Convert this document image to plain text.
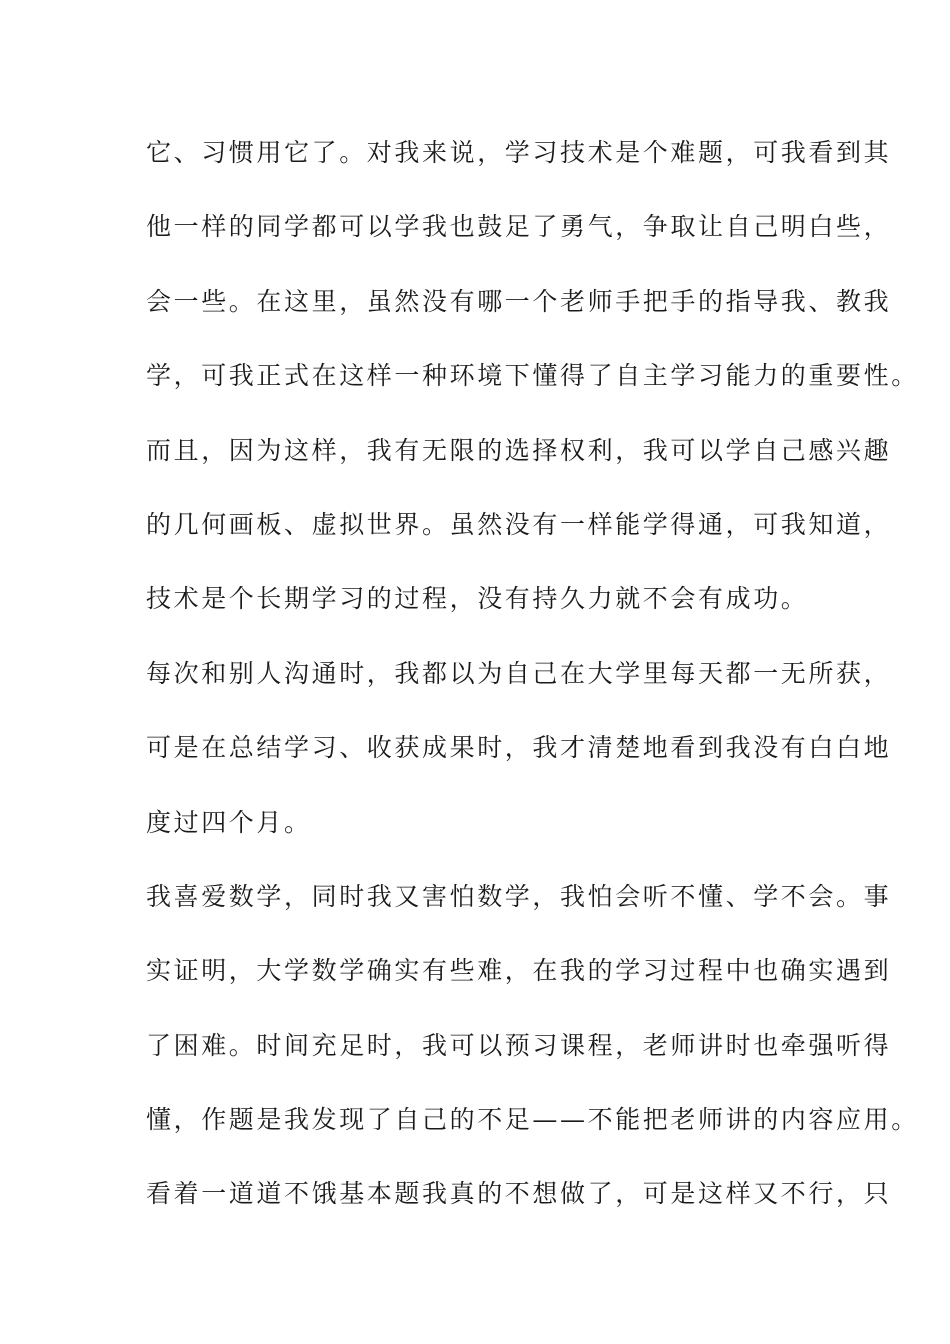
它、习惯用它了。对我来说，学习技术是个难题，可我看到其

他一样的同学都可以学我也鼓足了勇气，争取让自己明白些，

会一些。在这里，虽然没有哪一个老师手把手的指导我、教我

学，可我正式在这样一种环境下懂得了自主学习能力的重要性。

而且，因为这样，我有无限的选择权利，我可以学自己感兴趣

的几何画板、虚拟世界。虽然没有一样能学得通，可我知道，

技术是个长期学习的过程，没有持久力就不会有成功。

每次和别人沟通时，我都以为自己在大学里每天都一无所获，

可是在总结学习、收获成果时，我才清楚地看到我没有白白地

度过四个月。

我喜爱数学，同时我又害怕数学，我怕会听不懂、学不会。事

实证明，大学数学确实有些难，在我的学习过程中也确实遇到

了困难。时间充足时，我可以预习课程，老师讲时也牵强听得

懂，作题是我发现了自己的不足——不能把老师讲的内容应用。

看着一道道不饿基本题我真的不想做了，可是这样又不行，只
